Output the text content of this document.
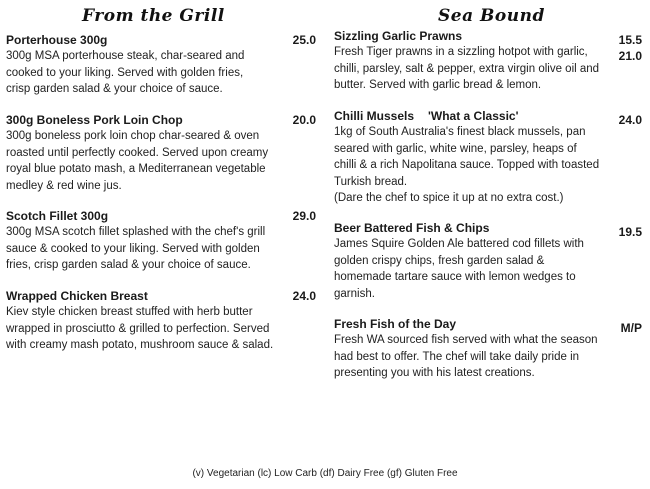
From the Grill
Porterhouse 300g
300g MSA porterhouse steak, char-seared and cooked to your liking. Served with golden fries, crisp garden salad & your choice of sauce.
25.0
300g Boneless Pork Loin Chop
300g boneless pork loin chop char-seared & oven roasted until perfectly cooked. Served upon creamy royal blue potato mash, a Mediterranean vegetable medley & red wine jus.
20.0
Scotch Fillet 300g
300g MSA scotch fillet splashed with the chef's grill sauce & cooked to your liking. Served with golden fries, crisp garden salad & your choice of sauce.
29.0
Wrapped Chicken Breast
Kiev style chicken breast stuffed with herb butter wrapped in prosciutto & grilled to perfection. Served with creamy mash potato, mushroom sauce & salad.
24.0
Sea Bound
Sizzling Garlic Prawns
Fresh Tiger prawns in a sizzling hotpot with garlic, chilli, parsley, salt & pepper, extra virgin olive oil and butter. Served with garlic bread & lemon.
15.5
21.0
Chilli Mussels 'What a Classic'
1kg of South Australia's finest black mussels, pan seared with garlic, white wine, parsley, heaps of chilli & a rich Napolitana sauce. Topped with toasted Turkish bread.
(Dare the chef to spice it up at no extra cost.)
24.0
Beer Battered Fish & Chips
James Squire Golden Ale battered cod fillets with golden crispy chips, fresh garden salad & homemade tartare sauce with lemon wedges to garnish.
19.5
Fresh Fish of the Day
Fresh WA sourced fish served with what the season had best to offer. The chef will take daily pride in presenting you with his latest creations.
M/P
(v) Vegetarian (lc) Low Carb (df) Dairy Free (gf) Gluten Free
